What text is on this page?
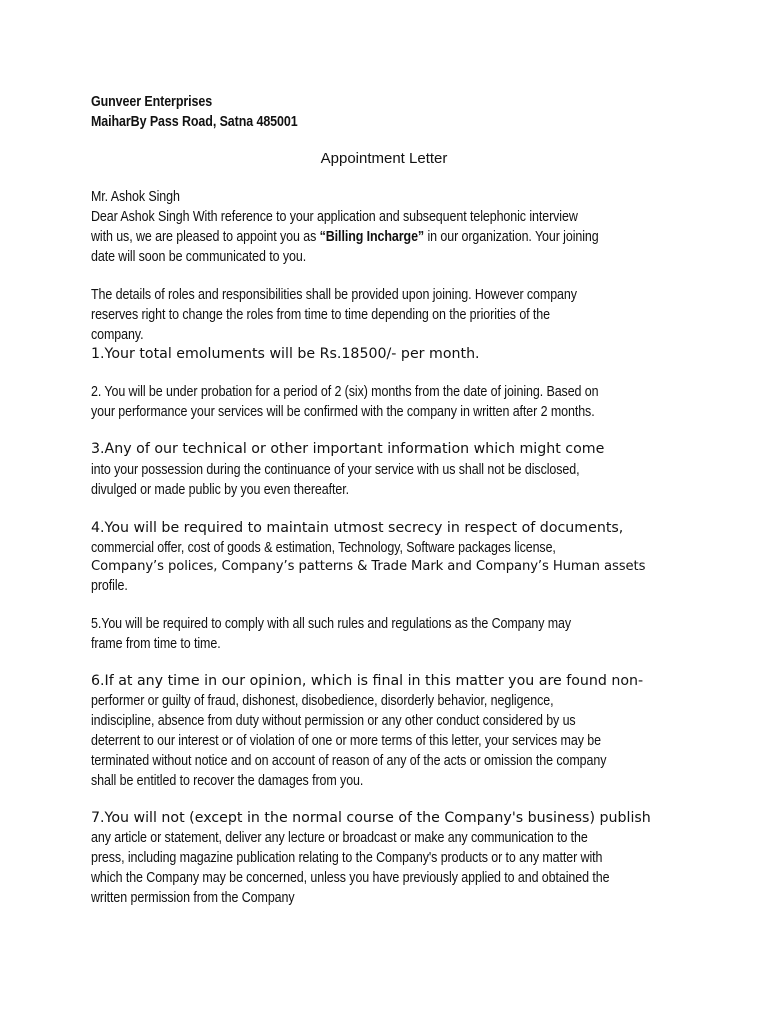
Gunveer Enterprises
MaiharBy Pass Road, Satna 485001
Appointment Letter
Mr. Ashok Singh
Dear Ashok Singh With reference to your application and subsequent telephonic interview
with us, we are pleased to appoint you as “Billing Incharge” in our organization. Your joining
date will soon be communicated to you.
The details of roles and responsibilities shall be provided upon joining. However company
reserves right to change the roles from time to time depending on the priorities of the
company.
1.Your total emoluments will be Rs.18500/- per month.
2. You will be under probation for a period of 2 (six) months from the date of joining. Based on
your performance your services will be confirmed with the company in written after 2 months.
3.Any of our technical or other important information which might come
into your possession during the continuance of your service with us shall not be disclosed,
divulged or made public by you even thereafter.
4.You will be required to maintain utmost secrecy in respect of documents,
commercial offer, cost of goods & estimation, Technology, Software packages license,
Company’s polices, Company’s patterns & Trade Mark and Company’s Human assets
profile.
5.You will be required to comply with all such rules and regulations as the Company may
frame from time to time.
6.If at any time in our opinion, which is final in this matter you are found non-
performer or guilty of fraud, dishonest, disobedience, disorderly behavior, negligence,
indiscipline, absence from duty without permission or any other conduct considered by us
deterrent to our interest or of violation of one or more terms of this letter, your services may be
terminated without notice and on account of reason of any of the acts or omission the company
shall be entitled to recover the damages from you.
7.You will not (except in the normal course of the Company's business) publish
any article or statement, deliver any lecture or broadcast or make any communication to the
press, including magazine publication relating to the Company's products or to any matter with
which the Company may be concerned, unless you have previously applied to and obtained the
written permission from the Company
